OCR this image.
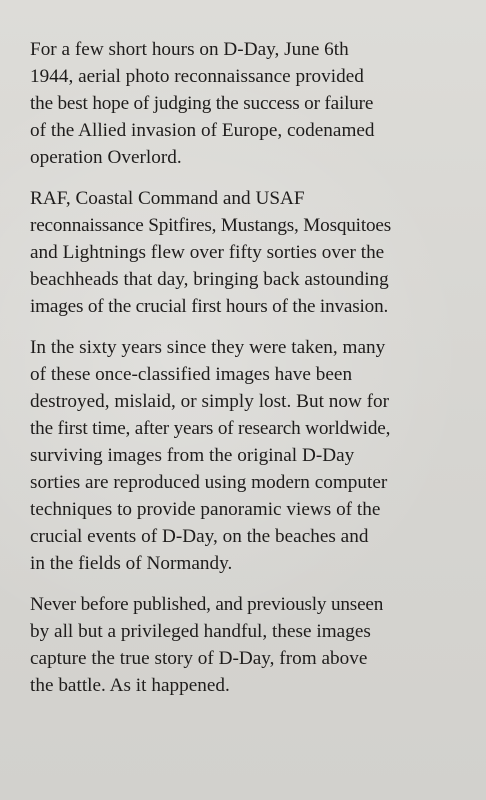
For a few short hours on D-Day, June 6th
1944, aerial photo reconnaissance provided
the best hope of judging the success or failure
of the Allied invasion of Europe, codenamed
operation Overlord.

RAF, Coastal Command and USAF
reconnaissance Spitfires, Mustangs, Mosquitoes
and Lightnings flew over fifty sorties over the
beachheads that day, bringing back astounding
images of the crucial first hours of the invasion.

In the sixty years since they were taken, many
of these once-classified images have been
destroyed, mislaid, or simply lost. But now for
the first time, after years of research worldwide,
surviving images from the original D-Day
sorties are reproduced using modern computer
techniques to provide panoramic views of the
crucial events of D-Day, on the beaches and
in the fields of Normandy.

Never before published, and previously unseen
by all but a privileged handful, these images
capture the true story of D-Day, from above
the battle. As it happened.
